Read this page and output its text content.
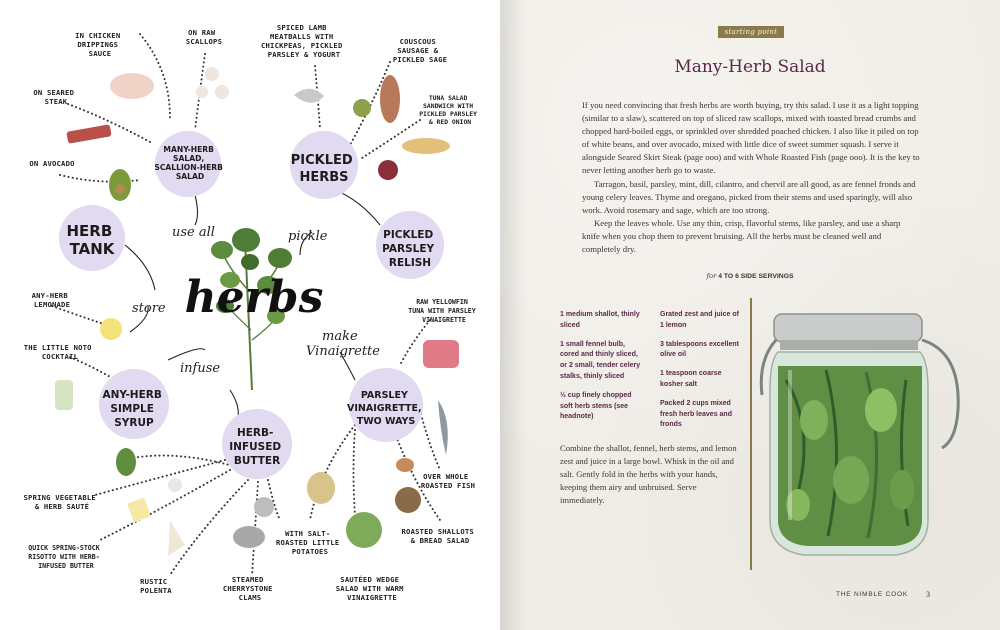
MANY-HERB SALAD, SCALLION-HERB SALAD
PICKLED HERBS
HERB TANK
PICKLED PARSLEY RELISH
ANY-HERB SIMPLE SYRUP
HERB- INFUSED BUTTER
PARSLEY VINAIGRETTE, TWO WAYS
herbs
use all	pickle
store
infuse
make
Vinaigrette
IN CHICKEN DRIPPINGS SAUCE
ON RAW SCALLOPS
ON SEARED STEAK
ON AVOCADO
SPICED LAMB MEATBALLS WITH CHICKPEAS, PICKLED PARSLEY & YOGURT
COUSCOUS SAUSAGE & PICKLED SAGE
TUNA SALAD SANDWICH WITH PICKLED PARSLEY & RED ONION
ANY-HERB LEMONADE
THE LITTLE NOTO COCKTAIL
RAW YELLOWFIN TUNA WITH PARSLEY VINAIGRETTE
OVER WHOLE ROASTED FISH
SPRING VEGETABLE & HERB SAUTÉ
QUICK SPRING-STOCK RISOTTO WITH HERB- INFUSED BUTTER
RUSTIC POLENTA
STEAMED CHERRYSTONE CLAMS
WITH SALT- ROASTED LITTLE POTATOES
SAUTÉED WEDGE SALAD WITH WARM VINAIGRETTE
ROASTED SHALLOTS & BREAD SALAD
starting point
Many-Herb Salad

If you need convincing that fresh herbs are worth buying, try this salad. I use it as a light topping (similar to a slaw), scattered on top of sliced raw scallops, mixed with toasted bread crumbs and chopped hard-boiled eggs, or sprinkled over shredded poached chicken. I also like it piled on top of white beans, and over avocado, mixed with little dice of sweet summer squash. I serve it alongside Seared Skirt Steak (page ooo) and with Whole Roasted Fish (page ooo). It is the key to never letting another herb go to waste.

Tarragon, basil, parsley, mint, dill, cilantro, and chervil are all good, as are fennel fronds and young celery leaves. Thyme and oregano, picked from their stems and used sparingly, will also work. Avoid rosemary and sage, which are too strong.

Keep the leaves whole. Use any thin, crisp, flavorful stems, like parsley, and use a sharp knife when you chop them to prevent bruising. All the herbs must be cleaned well and completely dry.

for 4 TO 6 SIDE SERVINGS
1 medium shallot, thinly sliced
1 small fennel bulb, cored and thinly sliced, or 2 small, tender celery stalks, thinly sliced
½ cup finely chopped soft herb stems (see headnote)
Grated zest and juice of 1 lemon
3 tablespoons excellent olive oil
1 teaspoon coarse kosher salt
Packed 2 cups mixed fresh herb leaves and fronds
Combine the shallot, fennel, herb stems, and lemon zest and juice in a large bowl. Whisk in the oil and salt. Gently fold in the herbs with your hands, keeping them airy and unbruised. Serve immediately.
THE NIMBLE COOK 3
